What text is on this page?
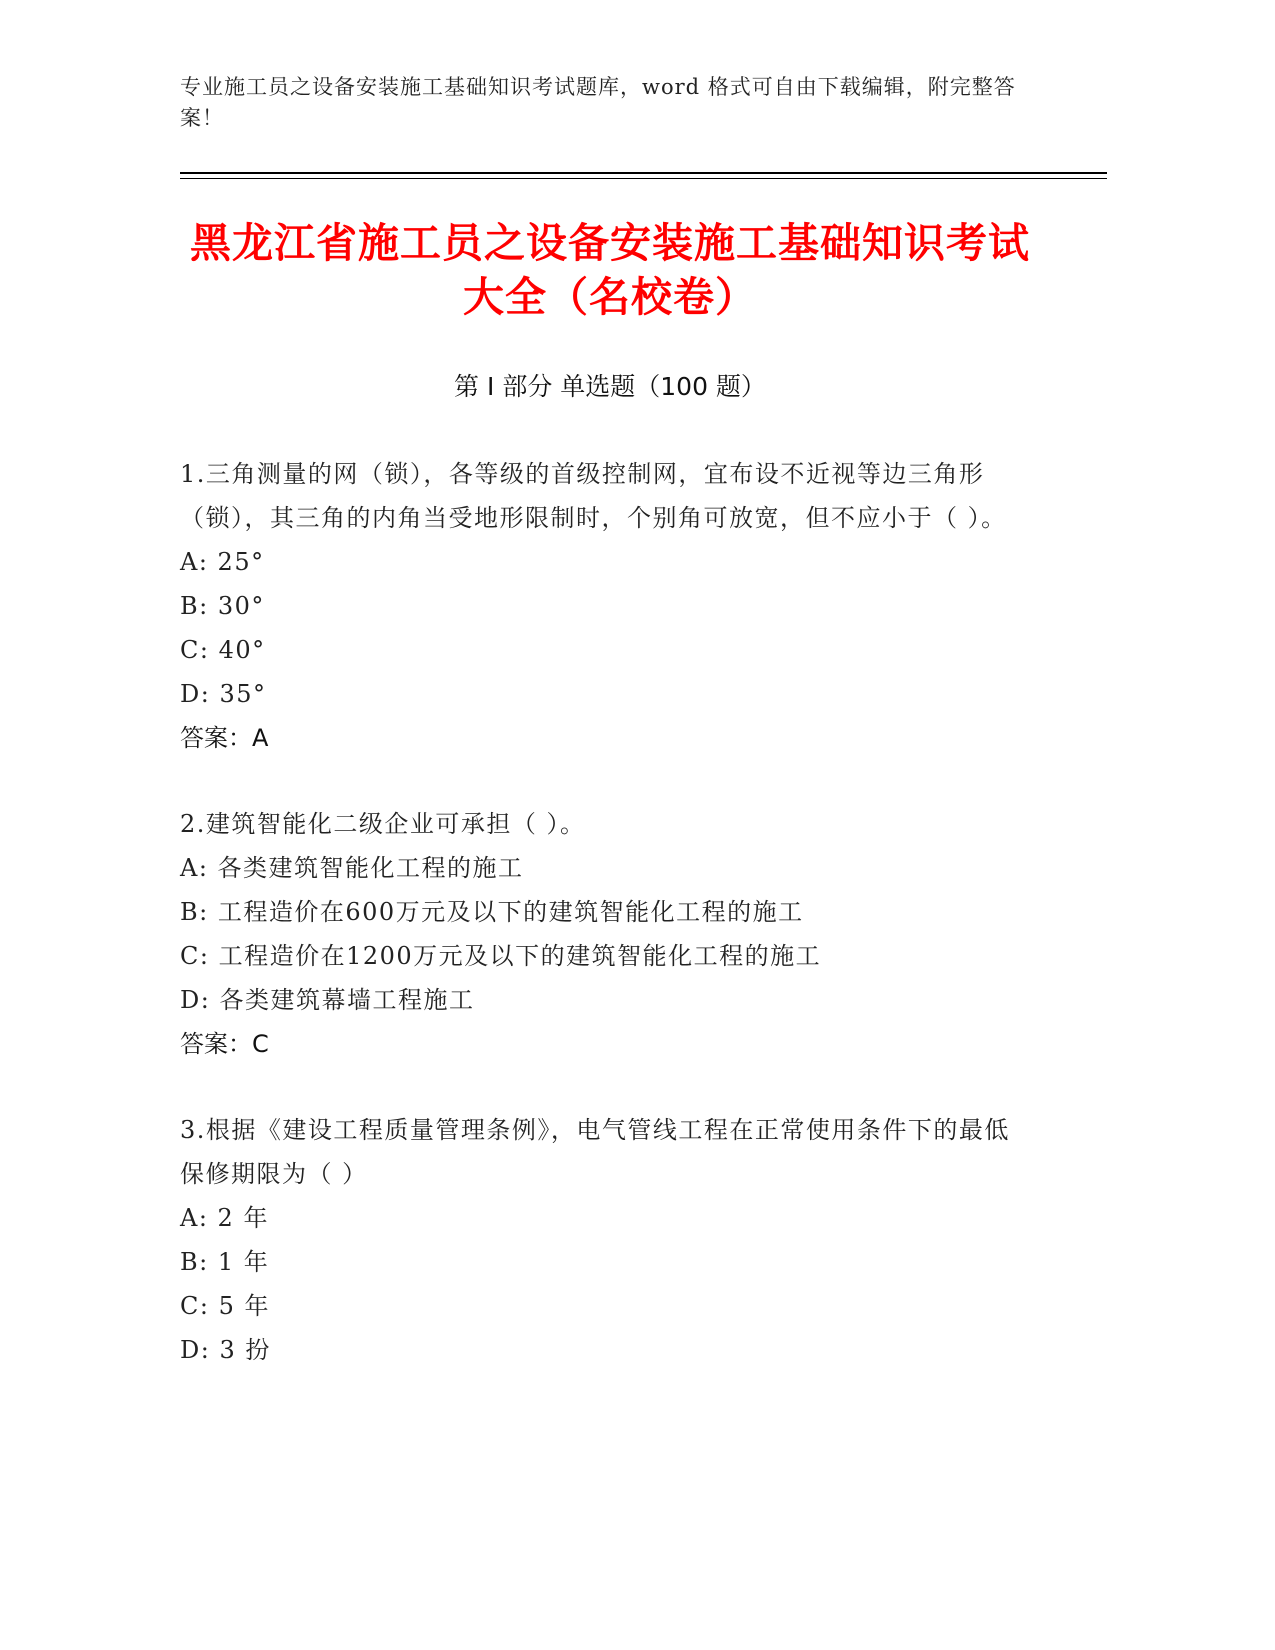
专业施工员之设备安装施工基础知识考试题库，word 格式可自由下载编辑，附完整答案！
黑龙江省施工员之设备安装施工基础知识考试大全（名校卷）
第 I 部分 单选题（100 题）
1.三角测量的网（锁），各等级的首级控制网，宜布设不近视等边三角形（锁），其三角的内角当受地形限制时，个别角可放宽，但不应小于（ ）。
A: 25°
B: 30°
C: 40°
D: 35°
答案：A
2.建筑智能化二级企业可承担（ ）。
A: 各类建筑智能化工程的施工
B: 工程造价在600万元及以下的建筑智能化工程的施工
C: 工程造价在1200万元及以下的建筑智能化工程的施工
D: 各类建筑幕墙工程施工
答案：C
3.根据《建设工程质量管理条例》，电气管线工程在正常使用条件下的最低保修期限为（ ）
A: 2 年
B: 1 年
C: 5 年
D: 3 扮
